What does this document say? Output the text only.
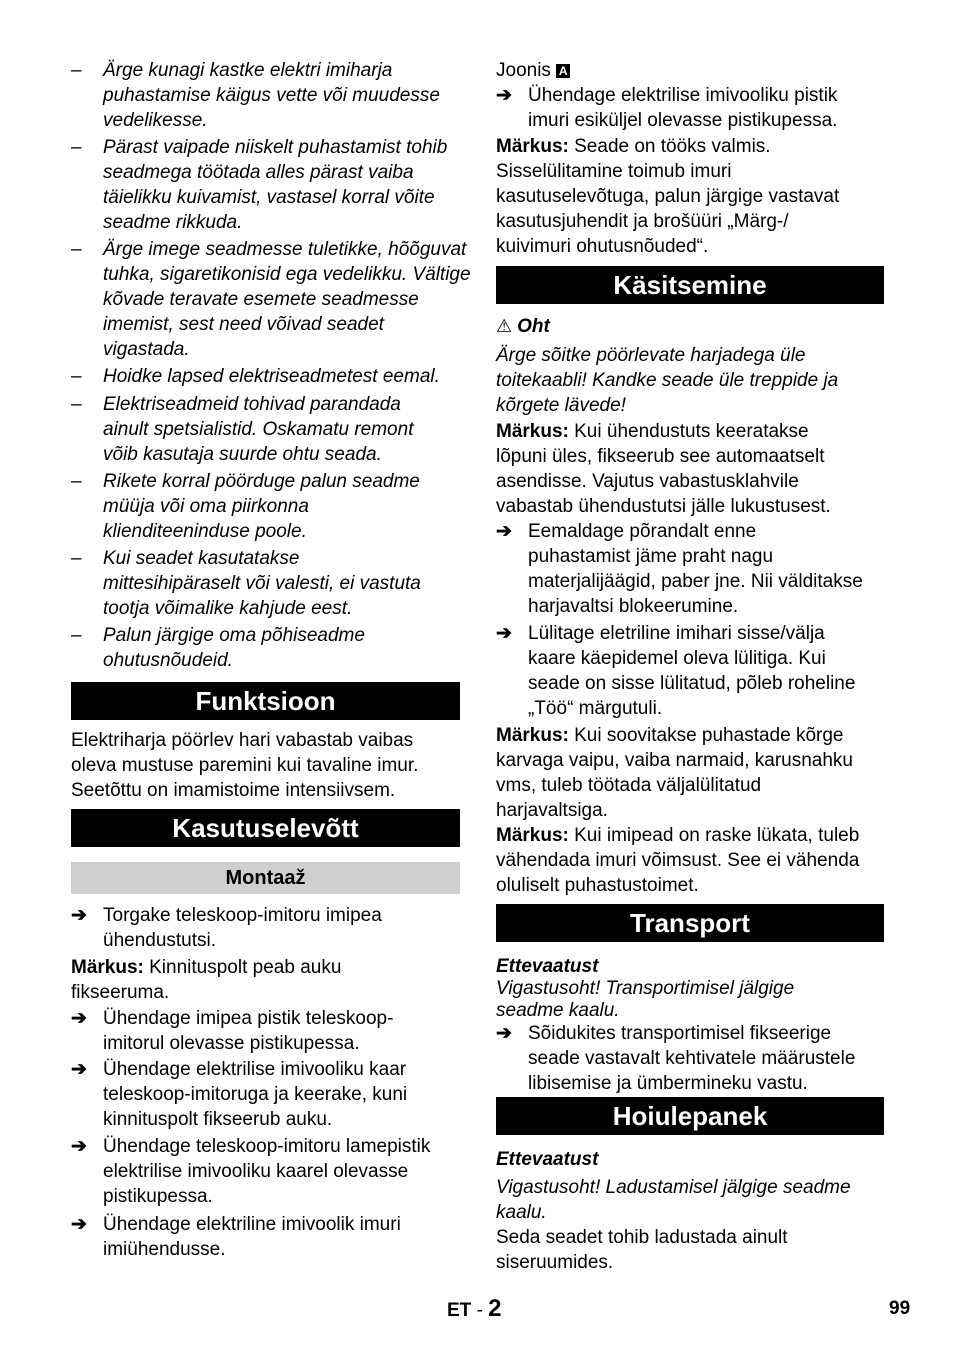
– Ärge kunagi kastke elektri imiharja
puhastamise käigus vette või muudesse
vedelikesse.
– Pärast vaipade niiskelt puhastamist tohib
seadmega töötada alles pärast vaiba
täielikku kuivamist, vastasel korral võite
seadme rikkuda.
– Ärge imege seadmesse tuletikke, hõõguvat
tuhka, sigaretikonisid ega vedelikku. Vältige
kõvade teravate esemete seadmesse
imemist, sest need võivad seadet
vigastada.
– Hoidke lapsed elektriseadmetest eemal.
– Elektriseadmeid tohivad parandada
ainult spetsialistid. Oskamatu remont
võib kasutaja suurde ohtu seada.
– Rikete korral pöörduge palun seadme
müüja või oma piirkonna
klienditeeninduse poole.
– Kui seadet kasutatakse
mittesihipäraselt või valesti, ei vastuta
tootja võimalike kahjude eest.
– Palun järgige oma põhiseadme
ohutusnõudeid.
Funktsioon
Elektriharja pöörlev hari vabastab vaibas
oleva mustuse paremini kui tavaline imur.
Seetõttu on imamistoime intensiivsem.
Kasutuselevõtt
Montaaž
➔ Torgake teleskoop-imitoru imipea
ühendustutsi.
Märkus: Kinnituspolt peab auku
fikseeruma.
➔ Ühendage imipea pistik teleskoop-
imitorul olevasse pistikupessa.
➔ Ühendage elektrilise imivooliku kaar
teleskoop-imitoruga ja keerake, kuni
kinnituspolt fikseerub auku.
➔ Ühendage teleskoop-imitoru lamepistik
elektrilise imivooliku kaarel olevasse
pistikupessa.
➔ Ühendage elektriline imivoolik imuri
imiühendusse.
Joonis A
➔ Ühendage elektrilise imivooliku pistik
imuri esiküljel olevasse pistikupessa.
Märkus: Seade on tööks valmis.
Sisselülitamine toimub imuri
kasutuselevõtuga, palun järgige vastavat
kasutusjuhendit ja brošüüri „Märg-/
kuivimuri ohutusnõuded“.
Käsitsemine
⚠ Oht
Ärge sõitke pöörlevate harjadega üle
toitekaabli! Kandke seade üle treppide ja
kõrgete lävede!
Märkus: Kui ühendustuts keeratakse
lõpuni üles, fikseerub see automaatselt
asendisse. Vajutus vabastusklahvile
vabastab ühendustutsi jälle lukustusest.
➔ Eemaldage põrandalt enne
puhastamist jäme praht nagu
materjalijäägid, paber jne. Nii välditakse
harjavaltsi blokeerumine.
➔ Lülitage eletriline imihari sisse/välja
kaare käepidemel oleva lülitiga. Kui
seade on sisse lülitatud, põleb roheline
„Töö“ märgutuli.
Märkus: Kui soovitakse puhastade kõrge
karvaga vaipu, vaiba narmaid, karusnahku
vms, tuleb töötada väljalülitatud
harjavaltsiga.
Märkus: Kui imipead on raske lükata, tuleb
vähendada imuri võimsust. See ei vähenda
oluliselt puhastustoimet.
Transport
Ettevaatust
Vigastusoht! Transportimisel jälgige
seadme kaalu.
➔ Sõidukites transportimisel fikseerige
seade vastavalt kehtivatele määrustele
libisemise ja ümbermineku vastu.
Hoiulepanek
Ettevaatust
Vigastusoht! Ladustamisel jälgige seadme
kaalu.
Seda seadet tohib ladustada ainult
siseruumides.
ET - 2	99
